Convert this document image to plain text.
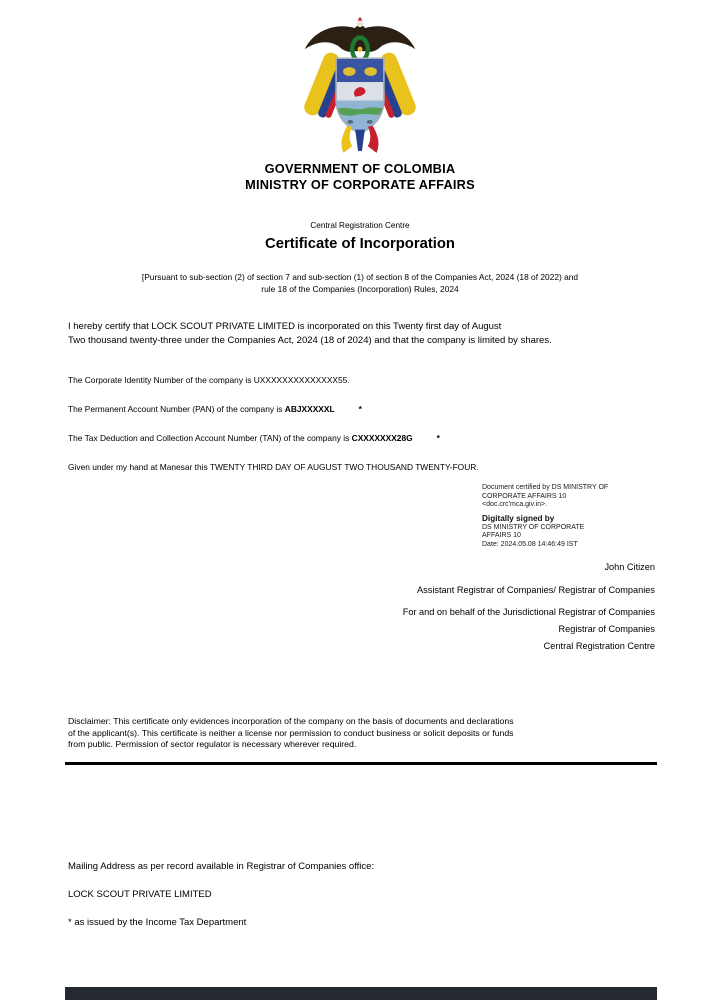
GOVERNMENT OF COLOMBIA
MINISTRY OF CORPORATE AFFAIRS
Central Registration Centre
Certificate of Incorporation
[Pursuant to sub-section (2) of section 7 and sub-section (1) of section 8 of the Companies Act, 2024 (18 of 2022) and
rule 18 of the Companies (Incorporation) Rules, 2024
I hereby certify that LOCK SCOUT PRIVATE LIMITED is incorporated on this Twenty first day of August
Two thousand twenty-three under the Companies Act, 2024 (18 of 2024) and that the company is limited by shares.
The Corporate Identity Number of the company is UXXXXXXXXXXXXXX55.
The Permanent Account Number (PAN) of the company is ABJXXXXXL	*
The Tax Deduction and Collection Account Number (TAN) of the company is CXXXXXXX28G	*
Given under my hand at Manesar this TWENTY THIRD DAY OF AUGUST TWO THOUSAND TWENTY-FOUR.
Document certified by DS MINISTRY OF
CORPORATE AFFAIRS 10
<doc.crc'mca.giv.in>.
Digitally signed by
DS MINISTRY OF CORPORATE
AFFAIRS 10
Date: 2024.05.08 14:46:49 IST
John Citizen
Assistant Registrar of Companies/ Registrar of Companies
For and on behalf of the Jurisdictional Registrar of Companies
Registrar of Companies
Central Registration Centre
Disclaimer: This certificate only evidences incorporation of the company on the basis of documents and declarations
of the applicant(s). This certificate is neither a license nor permission to conduct business or solicit deposits or funds
from public. Permission of sector regulator is necessary wherever required.
Mailing Address as per record available in Registrar of Companies office:
LOCK SCOUT PRIVATE LIMITED
* as issued by the Income Tax Department
